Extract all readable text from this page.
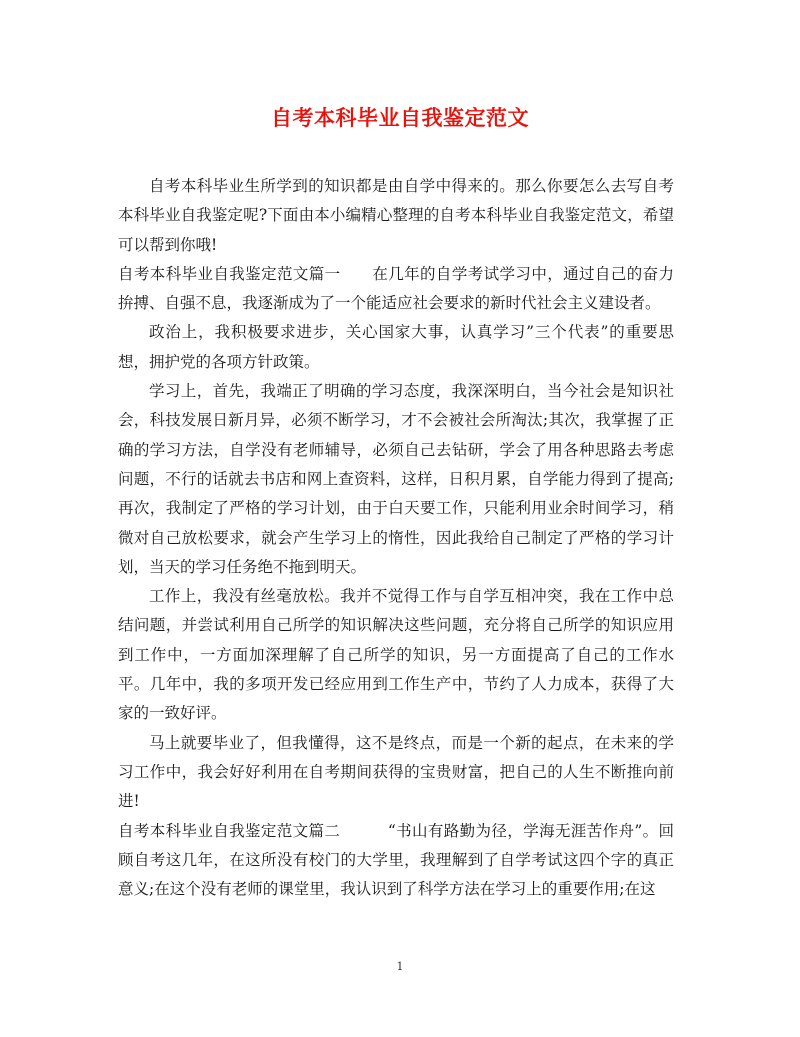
自考本科毕业自我鉴定范文

自考本科毕业生所学到的知识都是由自学中得来的。那么你要怎么去写自考本科毕业自我鉴定呢?下面由本小编精心整理的自考本科毕业自我鉴定范文，希望可以帮到你哦!

自考本科毕业自我鉴定范文篇一　　在几年的自学考试学习中，通过自己的奋力拚搏、自强不息，我逐渐成为了一个能适应社会要求的新时代社会主义建设者。

政治上，我积极要求进步，关心国家大事，认真学习”三个代表”的重要思想，拥护党的各项方针政策。

学习上，首先，我端正了明确的学习态度，我深深明白，当今社会是知识社会，科技发展日新月异，必须不断学习，才不会被社会所淘汰;其次，我掌握了正确的学习方法，自学没有老师辅导，必须自己去钻研，学会了用各种思路去考虑问题，不行的话就去书店和网上查资料，这样，日积月累，自学能力得到了提高;再次，我制定了严格的学习计划，由于白天要工作，只能利用业余时间学习，稍微对自己放松要求，就会产生学习上的惰性，因此我给自己制定了严格的学习计划，当天的学习任务绝不拖到明天。

工作上，我没有丝毫放松。我并不觉得工作与自学互相冲突，我在工作中总结问题，并尝试利用自己所学的知识解决这些问题，充分将自己所学的知识应用到工作中，一方面加深理解了自己所学的知识，另一方面提高了自己的工作水平。几年中，我的多项开发已经应用到工作生产中，节约了人力成本，获得了大家的一致好评。

马上就要毕业了，但我懂得，这不是终点，而是一个新的起点，在未来的学习工作中，我会好好利用在自考期间获得的宝贵财富，把自己的人生不断推向前进!

自考本科毕业自我鉴定范文篇二　　　“书山有路勤为径，学海无涯苦作舟”。回顾自考这几年，在这所没有校门的大学里，我理解到了自学考试这四个字的真正意义;在这个没有老师的课堂里，我认识到了科学方法在学习上的重要作用;在这

1
